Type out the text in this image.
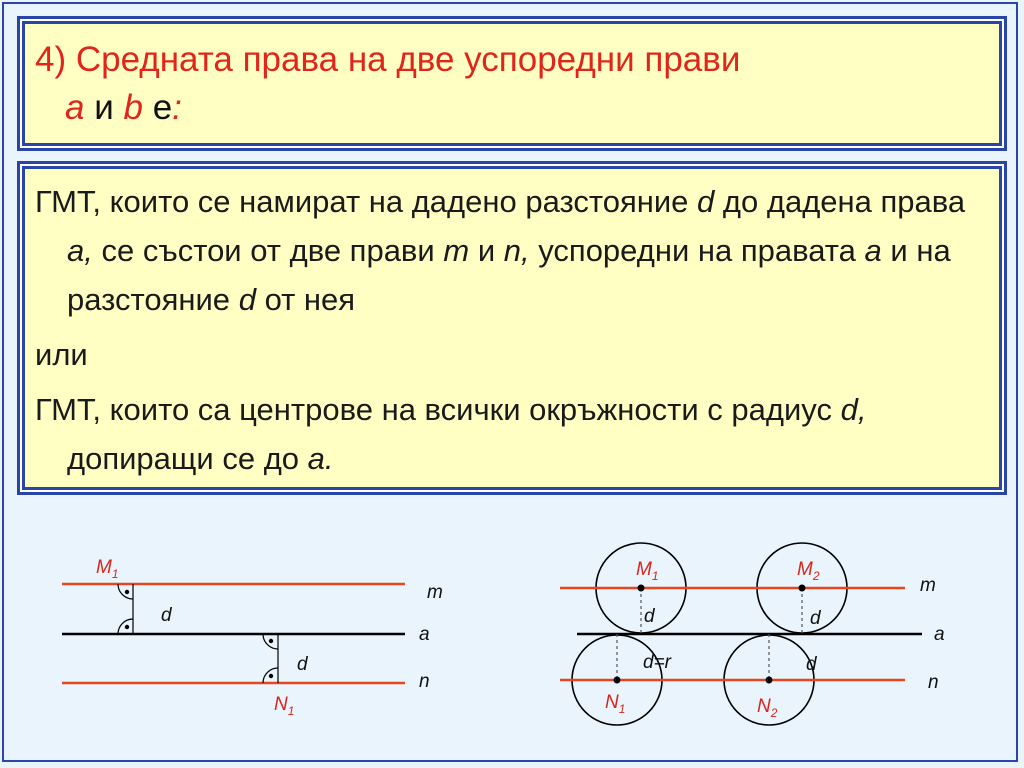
4) Средната права на две успоредни прави
a и b е:

ГМТ, които се намират на дадено разстояние d до дадена права a, се състои от две прави m и n, успоредни на правата a и на разстояние d от нея

или

ГМТ, които са центрове на всички окръжности с радиус d, допиращи се до a.

$M_1$
$N_1$
m
a
n
d
d
$M_1$	$M_2$
$N_1$	$N_2$
m
a
n
d	d
d=r	d
